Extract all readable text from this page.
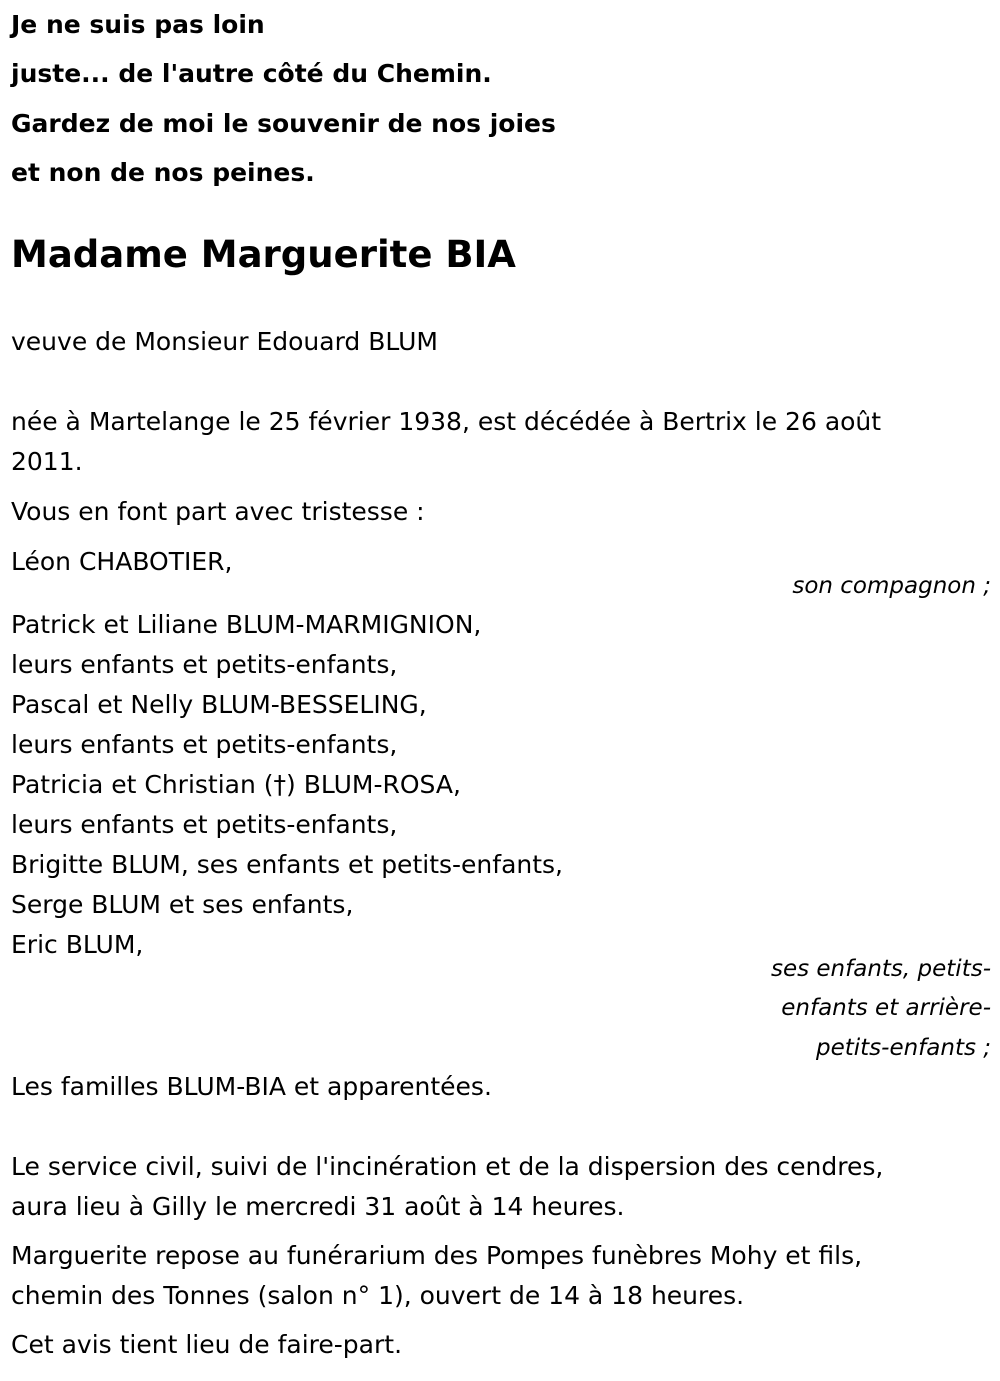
Je ne suis pas loin
juste... de l'autre côté du Chemin.
Gardez de moi le souvenir de nos joies
et non de nos peines.
Madame Marguerite BIA
veuve de Monsieur Edouard BLUM
née à Martelange le 25 février 1938, est décédée à Bertrix le 26 août
2011.
Vous en font part avec tristesse :
Léon CHABOTIER,
son compagnon ;
Patrick et Liliane BLUM-MARMIGNION,
leurs enfants et petits-enfants,
Pascal et Nelly BLUM-BESSELING,
leurs enfants et petits-enfants,
Patricia et Christian (†) BLUM-ROSA,
leurs enfants et petits-enfants,
Brigitte BLUM, ses enfants et petits-enfants,
Serge BLUM et ses enfants,
Eric BLUM,
ses enfants, petits-
enfants et arrière-
petits-enfants ;
Les familles BLUM-BIA et apparentées.
Le service civil, suivi de l'incinération et de la dispersion des cendres,
aura lieu à Gilly le mercredi 31 août à 14 heures.
Marguerite repose au funérarium des Pompes funèbres Mohy et fils,
chemin des Tonnes (salon n° 1), ouvert de 14 à 18 heures.
Cet avis tient lieu de faire-part.
